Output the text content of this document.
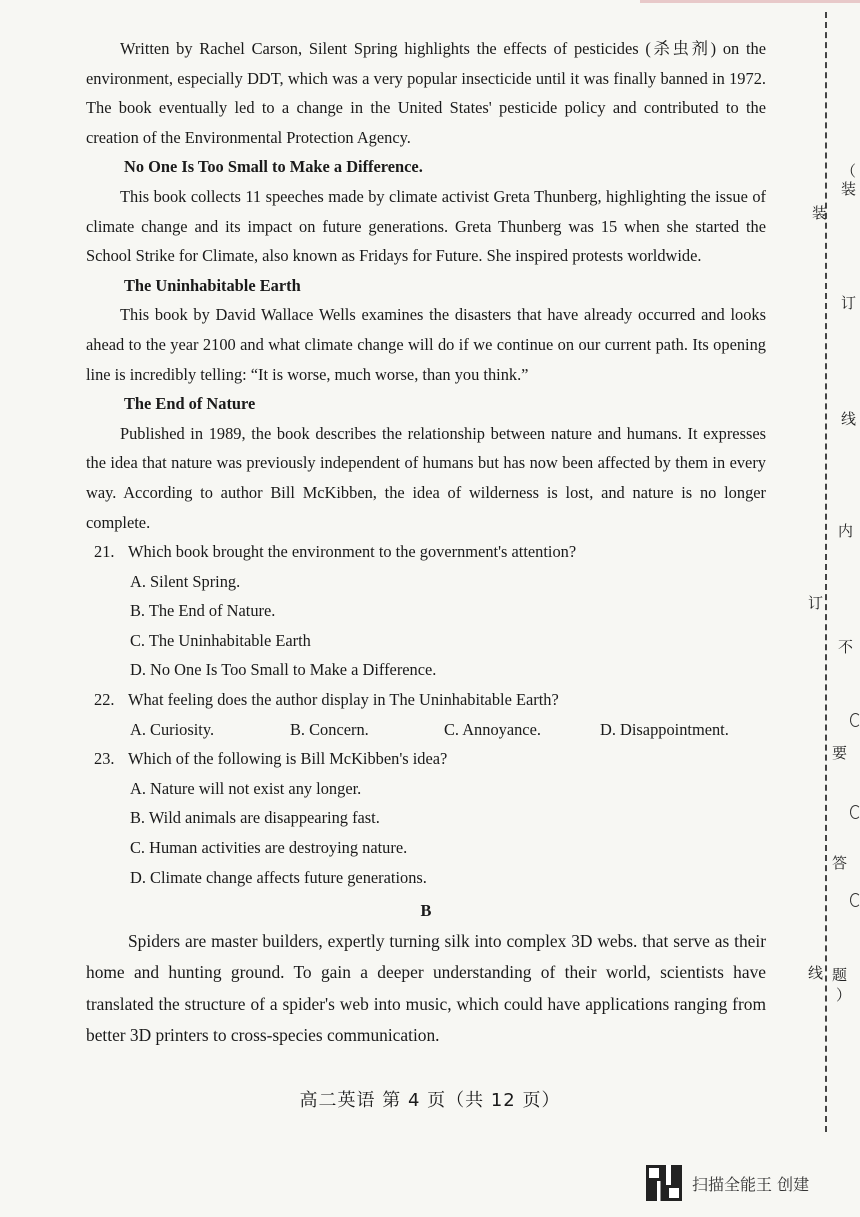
Written by Rachel Carson, Silent Spring highlights the effects of pesticides (杀虫剂) on the environment, especially DDT, which was a very popular insecticide until it was finally banned in 1972. The book eventually led to a change in the United States' pesticide policy and contributed to the creation of the Environmental Protection Agency.

No One Is Too Small to Make a Difference.

This book collects 11 speeches made by climate activist Greta Thunberg, highlighting the issue of climate change and its impact on future generations. Greta Thunberg was 15 when she started the School Strike for Climate, also known as Fridays for Future. She inspired protests worldwide.

The Uninhabitable Earth

This book by David Wallace Wells examines the disasters that have already occurred and looks ahead to the year 2100 and what climate change will do if we continue on our current path. Its opening line is incredibly telling: “It is worse, much worse, than you think.”

The End of Nature

Published in 1989, the book describes the relationship between nature and humans. It expresses the idea that nature was previously independent of humans but has now been affected by them in every way. According to author Bill McKibben, the idea of wilderness is lost, and nature is no longer complete.

21. Which book brought the environment to the government's attention?

A. Silent Spring.

B. The End of Nature.

C. The Uninhabitable Earth

D. No One Is Too Small to Make a Difference.

22. What feeling does the author display in The Uninhabitable Earth?

A. Curiosity.	B. Concern.	C. Annoyance.	D. Disappointment.

23. Which of the following is Bill McKibben's idea?

A. Nature will not exist any longer.

B. Wild animals are disappearing fast.

C. Human activities are destroying nature.

D. Climate change affects future generations.

B

Spiders are master builders, expertly turning silk into complex 3D webs. that serve as their home and hunting ground. To gain a deeper understanding of their world, scientists have translated the structure of a spider's web into music, which could have applications ranging from better 3D printers to cross-species communication.

高二英语 第 4 页（共 12 页）
（
装
装
订
线
内
订
不
要
答
线 题
）
扫描全能王 创建
